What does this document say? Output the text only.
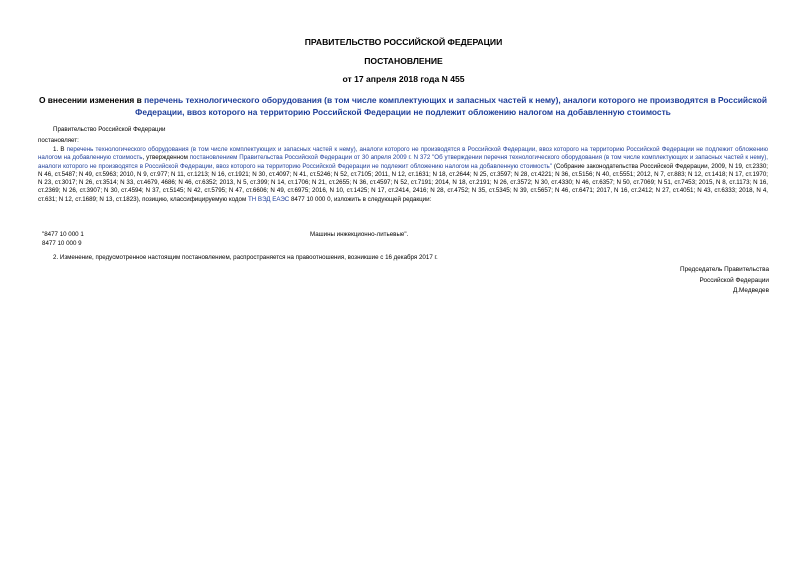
ПРАВИТЕЛЬСТВО РОССИЙСКОЙ ФЕДЕРАЦИИ
ПОСТАНОВЛЕНИЕ
от 17 апреля 2018 года N 455
О внесении изменения в перечень технологического оборудования (в том числе комплектующих и запасных частей к нему), аналоги которого не производятся в Российской Федерации, ввоз которого на территорию Российской Федерации не подлежит обложению налогом на добавленную стоимость
Правительство Российской Федерации
постановляет:
1. В перечень технологического оборудования (в том числе комплектующих и запасных частей к нему), аналоги которого не производятся в Российской Федерации, ввоз которого на территорию Российской Федерации не подлежит обложению налогом на добавленную стоимость, утвержденном постановлением Правительства Российской Федерации от 30 апреля 2009 г. N 372 "Об утверждении перечня технологического оборудования (в том числе комплектующих и запасных частей к нему), аналоги которого не производятся в Российской Федерации, ввоз которого на территорию Российской Федерации не подлежит обложению налогом на добавленную стоимость" (Собрание законодательства Российской Федерации, 2009, N 19, ст.2330; N 46, ст.5487; N 49, ст.5963; 2010, N 9, ст.977; N 11, ст.1213; N 16, ст.1921; N 30, ст.4097; N 41, ст.5246; N 52, ст.7105; 2011, N 12, ст.1631; N 18, ст.2644; N 25, ст.3597; N 28, ст.4221; N 36, ст.5156; N 40, ст.5551; 2012, N 7, ст.883; N 12, ст.1418; N 17, ст.1970; N 23, ст.3017; N 26, ст.3514; N 33, ст.4679, 4686; N 46, ст.6352; 2013, N 5, ст.399; N 14, ст.1706; N 21, ст.2655; N 36, ст.4597; N 52, ст.7191; 2014, N 18, ст.2191; N 26, ст.3572; N 30, ст.4330; N 46, ст.6357; N 50, ст.7069; N 51, ст.7453; 2015, N 8, ст.1173; N 16, ст.2369; N 26, ст.3907; N 30, ст.4594; N 37, ст.5145; N 42, ст.5795; N 47, ст.6606; N 49, ст.6975; 2016, N 10, ст.1425; N 17, ст.2414, 2416; N 28, ст.4752; N 35, ст.5345; N 39, ст.5657; N 46, ст.6471; 2017, N 16, ст.2412; N 27, ст.4051; N 43, ст.6333; 2018, N 4, ст.631; N 12, ст.1689; N 13, ст.1823), позицию, классифицируемую кодом ТН ВЭД ЕАЭС 8477 10 000 0, изложить в следующей редакции:
"8477 10 000 1	Машины инжекционно-литьевые".
8477 10 000 9
2. Изменение, предусмотренное настоящим постановлением, распространяется на правоотношения, возникшие с 16 декабря 2017 г.
Председатель Правительства
Российской Федерации
Д.Медведев
